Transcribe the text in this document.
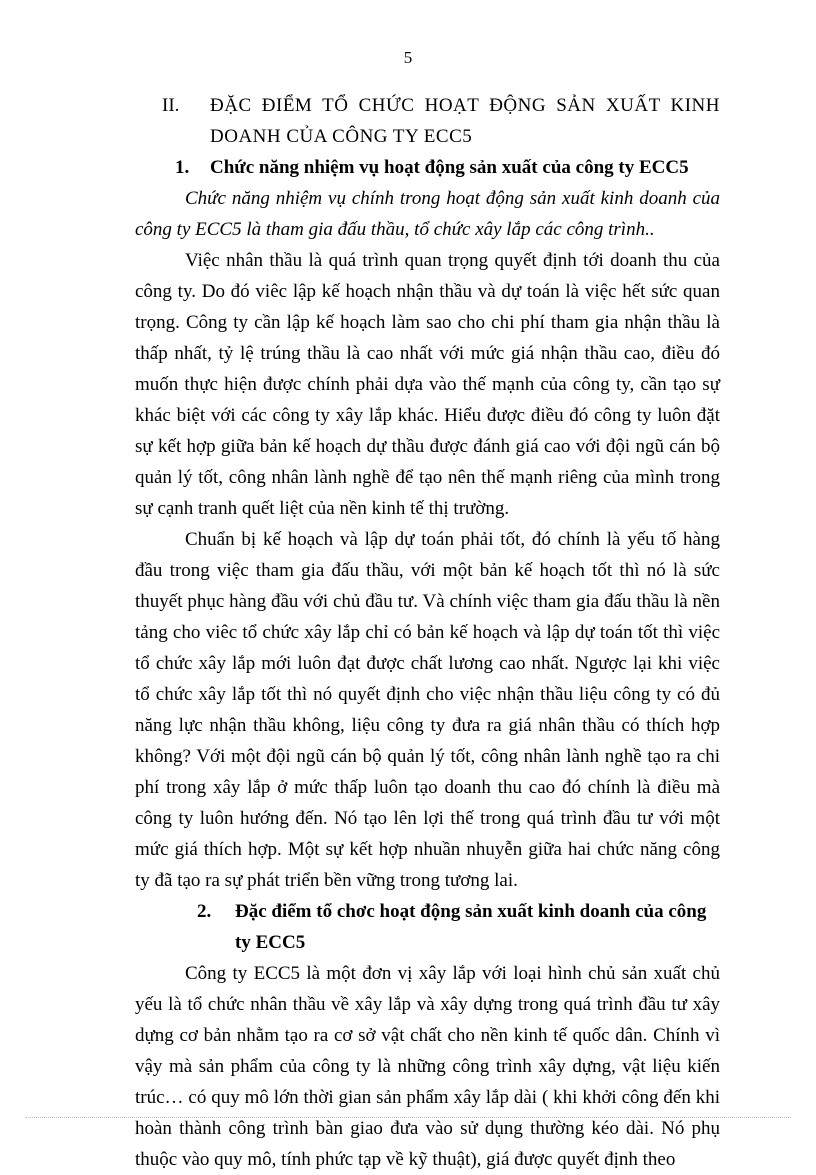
5
II.	ĐẶC ĐIỂM TỔ CHỨC HOẠT ĐỘNG SẢN XUẤT KINH DOANH CỦA CÔNG TY ECC5
1.	Chức năng nhiệm vụ hoạt động sản xuất của công ty ECC5

Chức năng nhiệm vụ chính trong hoạt động sản xuất kinh doanh của công ty ECC5 là tham gia đấu thầu, tổ chức xây lắp các công trình..

Việc nhân thầu là quá trình quan trọng quyết định tới doanh thu của công ty. Do đó viêc lập kế hoạch nhận thầu và dự toán là việc hết sức quan trọng. Công ty cần lập kế hoạch làm sao cho chi phí tham gia nhận thầu là thấp nhất, tỷ lệ trúng thầu là cao nhất với mức giá nhận thầu cao, điều đó muốn thực hiện được chính phải dựa vào thế mạnh của công ty, cần tạo sự khác biệt với các công ty xây lắp khác. Hiểu được điều đó công ty luôn đặt sự kết hợp giữa bản kế hoạch dự thầu được đánh giá cao với đội ngũ cán bộ quản lý tốt, công nhân lành nghề để tạo nên thế mạnh riêng của mình trong sự cạnh tranh quết liệt của nền kinh tế thị trường.

Chuẩn bị kế hoạch và lập dự toán phải tốt, đó chính là yếu tố hàng đầu trong việc tham gia đấu thầu, với một bản kế hoạch tốt thì nó là sức thuyết phục hàng đầu với chủ đầu tư. Và chính việc tham gia đấu thầu là nền tảng cho viêc tổ chức xây lắp chỉ có bản kế hoạch và lập dự toán tốt thì việc tổ chức xây lắp mới luôn đạt được chất lương cao nhất. Ngược lại khi việc tổ chức xây lắp tốt thì nó quyết định cho việc nhận thầu liệu công ty có đủ năng lực nhận thầu không, liệu công ty đưa ra giá nhân thầu có thích hợp không? Với một đội ngũ cán bộ quản lý tốt, công nhân lành nghề tạo ra chi phí trong xây lắp ở mức thấp luôn tạo doanh thu cao đó chính là điều mà công ty luôn hướng đến. Nó tạo lên lợi thế trong quá trình đầu tư với một mức giá thích hợp. Một sự kết hợp nhuần nhuyễn giữa hai chức năng công ty đã tạo ra sự phát triển bền vững trong tương lai.

2.	Đặc điểm tổ chơc hoạt động sản xuất kinh doanh của công ty ECC5

Công ty ECC5 là một đơn vị xây lắp với loại hình chủ sản xuất chủ yếu là tổ chức nhân thầu về xây lắp và xây dựng trong quá trình đầu tư xây dựng cơ bản nhằm tạo ra cơ sở vật chất cho nền kinh tế quốc dân. Chính vì vậy mà sản phẩm của công ty là những công trình xây dựng, vật liệu kiến trúc… có quy mô lớn thời gian sản phẩm xây lắp dài ( khi khởi công đến khi hoàn thành công trình bàn giao đưa vào sử dụng thường kéo dài. Nó phụ thuộc vào quy mô, tính phức tạp về kỹ thuật), giá được quyết định theo
